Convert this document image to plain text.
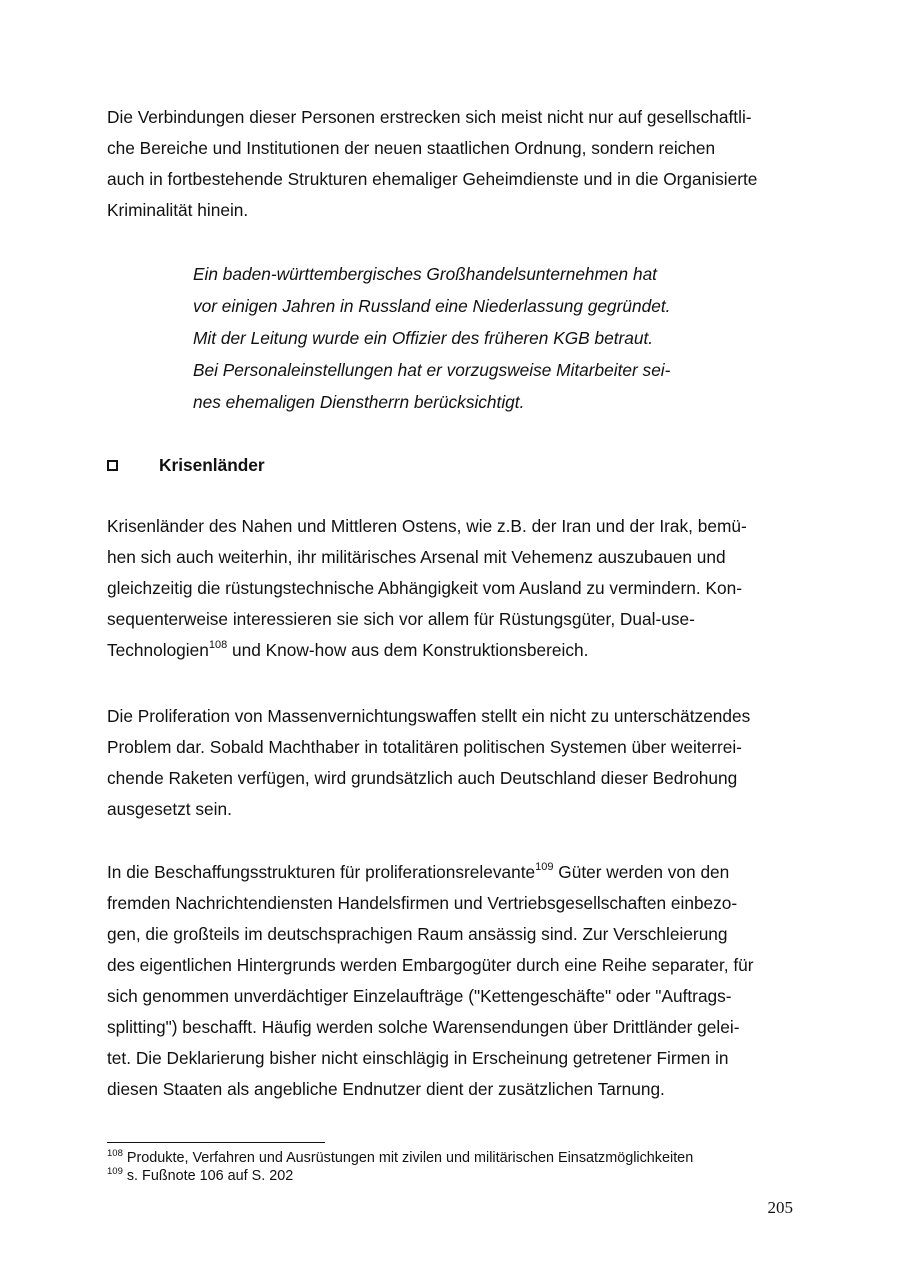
Die Verbindungen dieser Personen erstrecken sich meist nicht nur auf gesellschaftli-
che Bereiche und Institutionen der neuen staatlichen Ordnung, sondern reichen
auch in fortbestehende Strukturen ehemaliger Geheimdienste und in die Organisierte
Kriminalität hinein.

Ein baden-württembergisches Großhandelsunternehmen hat
vor einigen Jahren in Russland eine Niederlassung gegründet.
Mit der Leitung wurde ein Offizier des früheren KGB betraut.
Bei Personaleinstellungen hat er vorzugsweise Mitarbeiter sei-
nes ehemaligen Dienstherrn berücksichtigt.

Krisenländer

Krisenländer des Nahen und Mittleren Ostens, wie z.B. der Iran und der Irak, bemü-
hen sich auch weiterhin, ihr militärisches Arsenal mit Vehemenz auszubauen und
gleichzeitig die rüstungstechnische Abhängigkeit vom Ausland zu vermindern. Kon-
sequenterweise interessieren sie sich vor allem für Rüstungsgüter, Dual-use-
Technologien$^{108}$ und Know-how aus dem Konstruktionsbereich.

Die Proliferation von Massenvernichtungswaffen stellt ein nicht zu unterschätzendes
Problem dar. Sobald Machthaber in totalitären politischen Systemen über weiterrei-
chende Raketen verfügen, wird grundsätzlich auch Deutschland dieser Bedrohung
ausgesetzt sein.

In die Beschaffungsstrukturen für proliferationsrelevante$^{109}$ Güter werden von den
fremden Nachrichtendiensten Handelsfirmen und Vertriebsgesellschaften einbezo-
gen, die großteils im deutschsprachigen Raum ansässig sind. Zur Verschleierung
des eigentlichen Hintergrunds werden Embargogüter durch eine Reihe separater, für
sich genommen unverdächtiger Einzelaufträge ("Kettengeschäfte" oder "Auftrags-
splitting") beschafft. Häufig werden solche Warensendungen über Drittländer gelei-
tet. Die Deklarierung bisher nicht einschlägig in Erscheinung getretener Firmen in
diesen Staaten als angebliche Endnutzer dient der zusätzlichen Tarnung.

$^{108}$ Produkte, Verfahren und Ausrüstungen mit zivilen und militärischen Einsatzmöglichkeiten
$^{109}$ s. Fußnote 106 auf S. 202
205
